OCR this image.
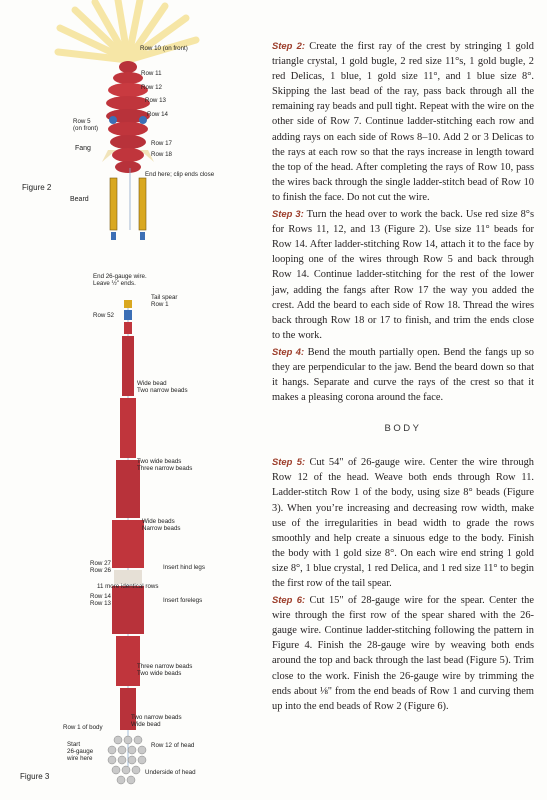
Row 10 (on front)
Row 11
Row 12
Row 13
Row 14
Row 5
(on front)
Row 17
Row 18
Fang
End here; clip ends close
Beard
Figure 2
End 26-gauge wire.
Leave ½" ends.
Tail spear
Row 1
Row 52
Wide bead
Two narrow beads
Two wide beads
Three narrow beads
Wide beads
Narrow beads
Row 27
Row 26	Insert hind legs
11 more identical rows
Row 14
Row 13	Insert forelegs
Three narrow beads
Two wide beads
Two narrow beads
Wide bead
Row 1 of body
Start
26-gauge
wire here
Row 12 of head
Underside of head
Figure 3

Step 2: Create the first ray of the crest by stringing 1 gold triangle crystal, 1 gold bugle, 2 red size 11°s, 1 gold bugle, 2 red Delicas, 1 blue, 1 gold size 11°, and 1 blue size 8°. Skipping the last bead of the ray, pass back through all the remaining ray beads and pull tight. Repeat with the wire on the other side of Row 7. Continue ladder-stitching each row and adding rays on each side of Rows 8–10. Add 2 or 3 Delicas to the rays at each row so that the rays increase in length toward the top of the head. After completing the rays of Row 10, pass the wires back through the single ladder-stitch bead of Row 10 to finish the face. Do not cut the wire.

Step 3: Turn the head over to work the back. Use red size 8°s for Rows 11, 12, and 13 (Figure 2). Use size 11° beads for Row 14. After ladder-stitching Row 14, attach it to the face by looping one of the wires through Row 5 and back through Row 14. Continue ladder-stitching for the rest of the lower jaw, adding the fangs after Row 17 the way you added the crest. Add the beard to each side of Row 18. Thread the wires back through Row 18 or 17 to finish, and trim the ends close to the work.

Step 4: Bend the mouth partially open. Bend the fangs up so they are perpendicular to the jaw. Bend the beard down so that it hangs. Separate and curve the rays of the crest so that it makes a pleasing corona around the face.

BODY

Step 5: Cut 54" of 26-gauge wire. Center the wire through Row 12 of the head. Weave both ends through Row 11. Ladder-stitch Row 1 of the body, using size 8° beads (Figure 3). When you’re increasing and decreasing row width, make use of the irregularities in bead width to grade the rows smoothly and help create a sinuous edge to the body. Finish the body with 1 gold size 8°. On each wire end string 1 gold size 8°, 1 blue crystal, 1 red Delica, and 1 red size 11° to begin the first row of the tail spear.

Step 6: Cut 15" of 28-gauge wire for the spear. Center the wire through the first row of the spear shared with the 26-gauge wire. Continue ladder-stitching following the pattern in Figure 4. Finish the 28-gauge wire by weaving both ends around the top and back through the last bead (Figure 5). Trim close to the work. Finish the 26-gauge wire by trimming the ends about ⅛" from the end beads of Row 1 and curving them up into the end beads of Row 2 (Figure 6).
